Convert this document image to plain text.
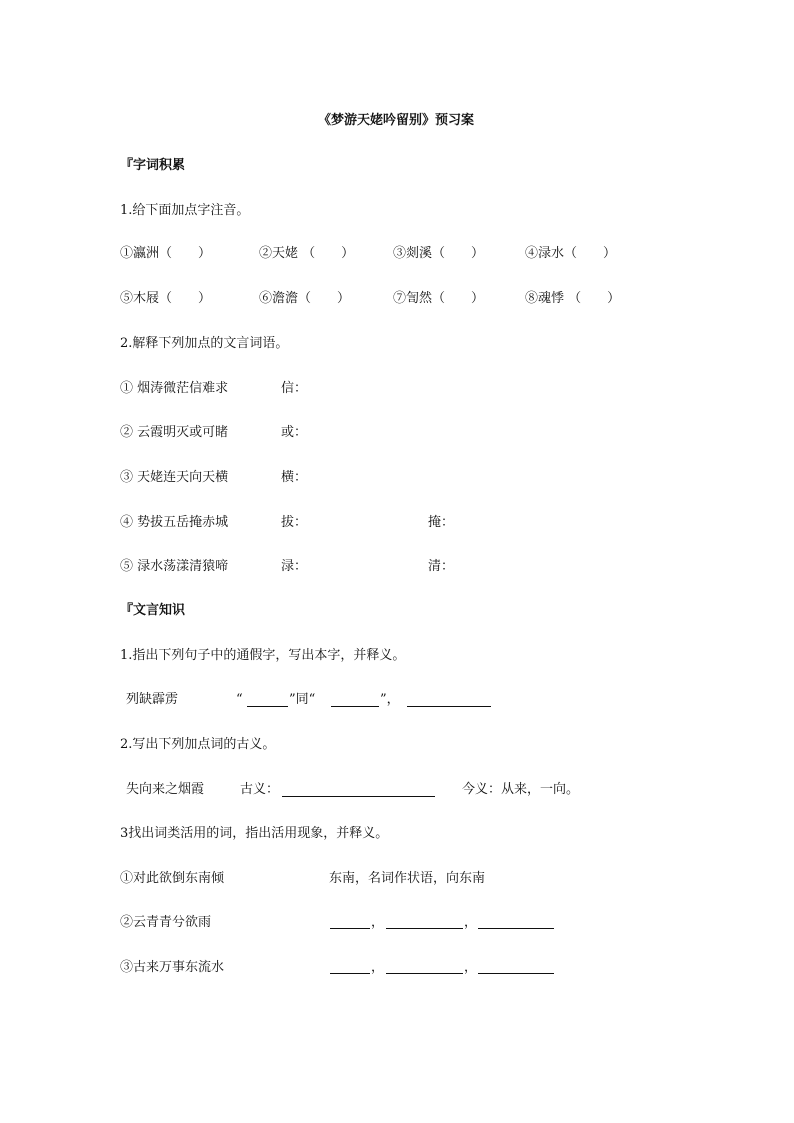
《梦游天姥吟留别》预习案
『字词积累
1.给下面加点字注音。
①瀛洲（　　）	②天姥 （　　）	③剡溪（　　）	④渌水（　　）
⑤木屐（　　）	⑥澹澹（　　）	⑦訇然（　　）	⑧魂悸 （　　）
2.解释下列加点的文言词语。
① 烟涛微茫信难求	信：
② 云霞明灭或可睹	或：
③ 天姥连天向天横	横：
④ 势拔五岳掩赤城	拔：	掩：
⑤ 渌水荡漾清猿啼	渌：	清：
『文言知识
1.指出下列句子中的通假字，写出本字，并释义。
列缺霹雳	“	”同“	”，
2.写出下列加点词的古义。
失向来之烟霞	古义：	今义：从来，一向。
3找出词类活用的词，指出活用现象，并释义。
①对此欲倒东南倾	东南，名词作状语，向东南
②云青青兮欲雨	，	，
③古来万事东流水	，	，
